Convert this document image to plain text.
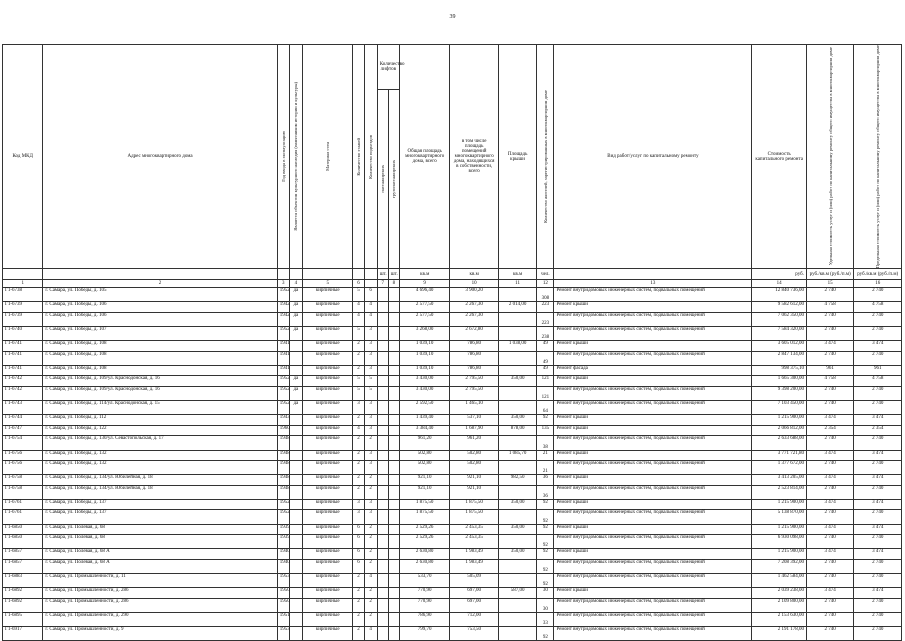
39
Код МКД	Адрес многоквартирного дома	Год ввода в эксплуатацию	Является объектом культурного наследия (памятником истории и культуры)	Материал стен	Количество этажей	Количество подъездов	Количество лифтов		Общая площадь многоквартирного дома, всего	в том числе площадь помещений многоквартирного дома, находящихся в собственности, всего	Площадь крыши	Количество жителей, зарегистрированных в многоквартирном доме	Вид работ/услуг по капитальному ремонту	Стоимость капитального ремонта	Удельная стоимость услуг и (или) работ по капитальному ремонту общего имущества в многоквартирном доме	Предельная стоимость услуг и (или) работ по капитальному ремонту общего имущества в многоквартирном доме

							пассажирских	грузопассажирских								

							шт.	шт.	кв.м	кв.м	кв.м	чел.		руб.	руб./кв.м (руб./п.м)	руб./кв.м (руб./п.м)
1	2	3	4	5	6		7	8	9	10	11	12	13	14	15	16
Г1-6738	г. Самара, ул. Победы, д. 105	1952	да	кирпичные	5	6			4 696,40	3 900,20		308	Ремонт внутридомовых инженерных систем, подвальных помещений	12 840 736,00	2 740	2 740
Г1-6739	г. Самара, ул. Победы, д. 106	1942	да	кирпичные	4	4			2 577,50	2 267,30	2 014,00	223	Ремонт крыши	9 582 612,00	4 758	4 758
Г1-6739	г. Самара, ул. Победы, д. 106	1942	да	кирпичные	4	4			2 577,50	2 267,30		223	Ремонт внутридомовых инженерных систем, подвальных помещений	7 062 350,00	2 740	2 740
Г1-6740	г. Самара, ул. Победы, д. 107	1952	да	кирпичные	5	3			3 268,00	2 672,80		238	Ремонт внутридомовых инженерных систем, подвальных помещений	7 584 320,00	2 740	2 740
Г1-6741	г. Самара, ул. Победы, д. 108	1941		кирпичные	2	3			1 039,10	786,80	1 038,00	49	Ремонт крыши	3 605 012,00	3 474	3 474
Г1-6741	г. Самара, ул. Победы, д. 108	1941		кирпичные	2	3			1 039,10	786,80		49	Ремонт внутридомовых инженерных систем, подвальных помещений	2 847 134,00	2 740	2 740
Г1-6741	г. Самара, ул. Победы, д. 108	1941		кирпичные	2	3			1 039,10	786,80		49	Ремонт фасада	998 375,10	961	961
Г1-6742	г. Самара, ул. Победы, д. 109/ул. Краснодонская, д. 16	1952	да	кирпичные	5	5			3 430,00	2 795,50	350,00	121	Ремонт крыши	1 665 300,00	4 758	4 758
Г1-6742	г. Самара, ул. Победы, д. 109/ул. Краснодонская, д. 16	1952	да	кирпичные	5	5			3 430,00	2 795,50		121	Ремонт внутридомовых инженерных систем, подвальных помещений	9 398 200,00	2 740	2 740
Г1-6743	г. Самара, ул. Победы, д. 114/ул. Краснодонская, д. 15	1952	да	кирпичные	3	3			2 592,50	1 465,10		64	Ремонт внутридомовых инженерных систем, подвальных помещений	7 103 450,00	2 740	2 740
Г1-6744	г. Самара, ул. Победы, д. 112	1943		кирпичные	2	3			1 439,40	537,10	350,00	92	Ремонт крыши	1 215 900,00	3 474	3 474
Г1-6747	г. Самара, ул. Победы, д. 122	1960		кирпичные	4	3			3 384,40	1 687,90	878,00	135	Ремонт крыши	2 066 812,00	2 354	2 354
Г1-6754	г. Самара, ул. Победы, д. 130/ул. Севастопольская, д. 17	1948		кирпичные	2	2			961,20	961,20		38	Ремонт внутридомовых инженерных систем, подвальных помещений	2 633 688,00	2 740	2 740
Г1-6756	г. Самара, ул. Победы, д. 132	1948		кирпичные	2	3			502,80	502,80	1 085,70	21	Ремонт крыши	3 771 721,80	3 474	3 474
Г1-6756	г. Самара, ул. Победы, д. 132	1948		кирпичные	2	3			502,80	502,80		21	Ремонт внутридомовых инженерных систем, подвальных помещений	1 377 672,00	2 740	2 740
Г1-6758	г. Самара, ул. Победы, д. 134/ул. Юбилейная, д. 18	1948		кирпичные	2	2			921,10	921,10	982,50	36	Ремонт крыши	3 413 205,00	3 474	3 474
Г1-6758	г. Самара, ул. Победы, д. 134/ул. Юбилейная, д. 18	1948		кирпичные	2	2			921,10	921,10		36	Ремонт внутридомовых инженерных систем, подвальных помещений	2 523 814,00	2 740	2 740
Г1-6761	г. Самара, ул. Победы, д. 137	1952		кирпичные	3	3			1 875,50	1 875,50	350,00	92	Ремонт крыши	1 215 900,00	3 474	3 474
Г1-6761	г. Самара, ул. Победы, д. 137	1952		кирпичные	3	3			1 875,50	1 875,50		92	Ремонт внутридомовых инженерных систем, подвальных помещений	5 138 870,00	2 740	2 740
Г1-6850	г. Самара, ул. Полевая, д. 68	1939		кирпичные	6	2			2 529,26	2 453,35	350,00	92	Ремонт крыши	1 215 900,00	3 474	3 474
Г1-6850	г. Самара, ул. Полевая, д. 68	1939		кирпичные	6	2			2 529,26	2 453,35		92	Ремонт внутридомовых инженерных систем, подвальных помещений	6 930 098,00	2 740	2 740
Г1-6857	г. Самара, ул. Полевая, д. 68 А	1940		кирпичные	6	2			2 630,80	1 983,49	350,00	92	Ремонт крыши	1 215 900,00	3 474	3 474
Г1-6857	г. Самара, ул. Полевая, д. 68 А	1940		кирпичные	6	2			2 630,80	1 983,49		92	Ремонт внутридомовых инженерных систем, подвальных помещений	7 208 392,00	2 740	2 740
Г1-6883	г. Самара, ул. Промышленности, д. 11	1953		кирпичные	2	4			533,70	505,09		92	Ремонт внутридомовых инженерных систем, подвальных помещений	1 462 584,00	2 740	2 740
Г1-6892	г. Самара, ул. Промышленности, д. 286	1950		кирпичные	2	2			770,90	697,00	587,00	30	Ремонт крыши	2 039 238,00	3 474	3 474
Г1-6892	г. Самара, ул. Промышленности, д. 286	1950		кирпичные	2	2			770,90	697,00		30	Ремонт внутридомовых инженерных систем, подвальных помещений	2 109 800,00	2 740	2 740
Г1-6895	г. Самара, ул. Промышленности, д. 290	1951		кирпичные	2	2			786,90	712,00		33	Ремонт внутридомовых инженерных систем, подвальных помещений	2 153 630,00	2 740	2 740
Г1-6917	г. Самара, ул. Промышленности, д. 9	1953		кирпичные	2	4			799,70	753,50		92	Ремонт внутридомовых инженерных систем, подвальных помещений	2 191 178,00	2 740	2 740
